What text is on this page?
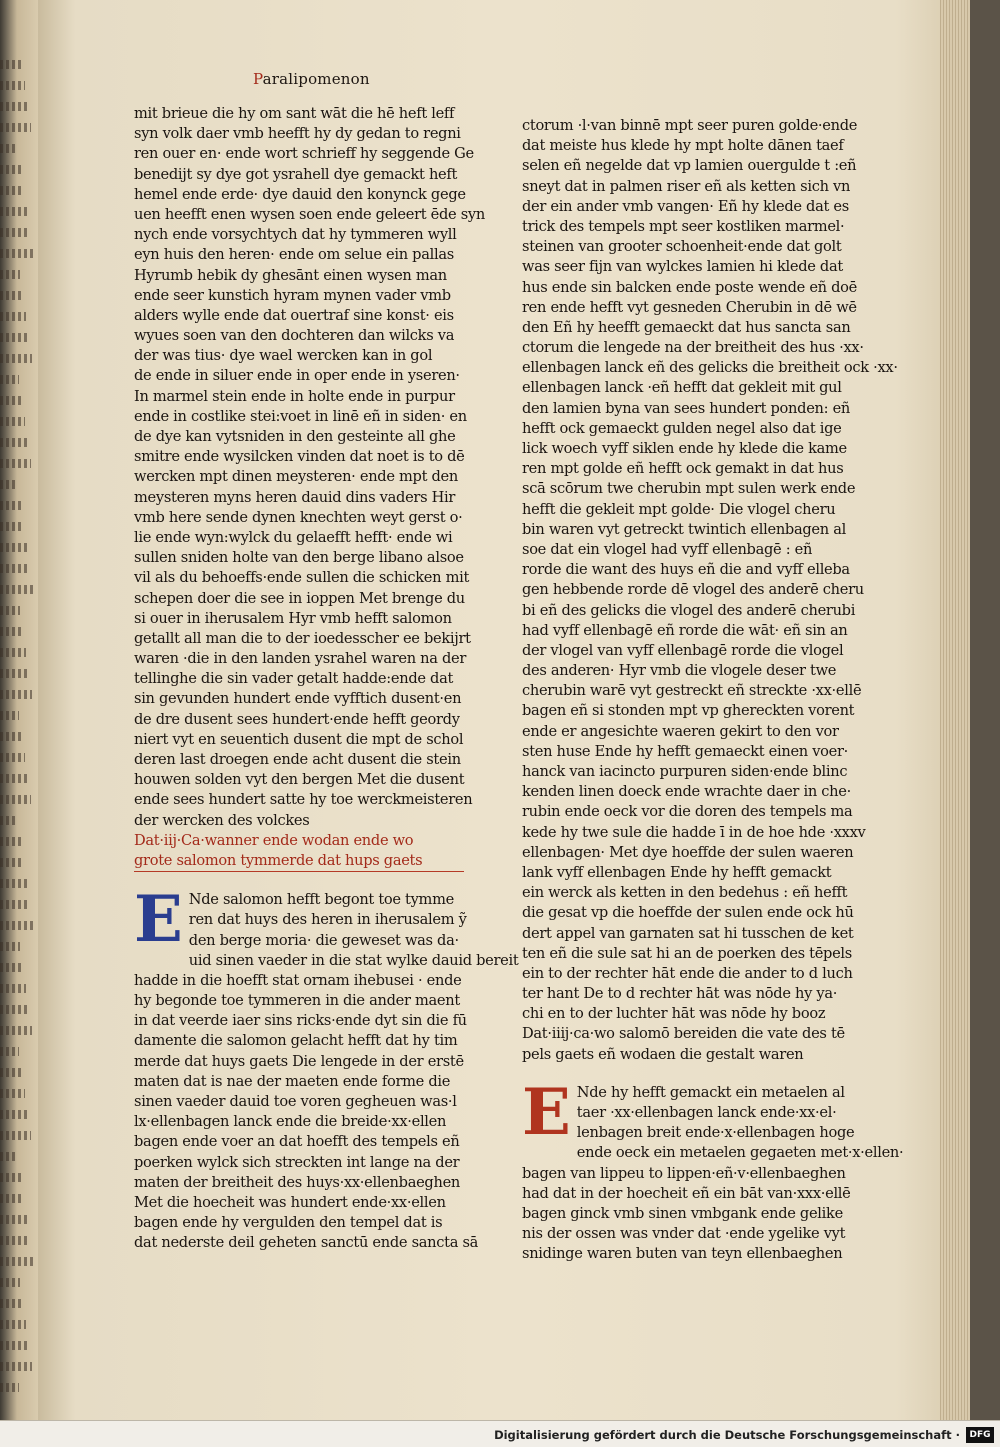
Paralipomenon
mit brieue die hy om sant wāt die hē heft leff
syn volk daer vmb heefft hy dy gedan to regni
ren ouer en· ende wort schrieff hy seggende Ge
benedijt sy dye got ysrahell dye gemackt heft
hemel ende erde· dye dauid den konynck gege
uen heefft enen wysen soen ende geleert ēde syn
nych ende vorsychtych dat hy tymmeren wyll
eyn huis den heren· ende om selue ein pallas
Hyrumb hebik dy ghesānt einen wysen man
ende seer kunstich hyram mynen vader vmb
alders wylle ende dat ouertraf sine konst· eis
wyues soen van den dochteren dan wilcks va
der was tius· dye wael wercken kan in gol
de ende in siluer ende in oper ende in yseren·
In marmel stein ende in holte ende in purpur
ende in costlike stei:voet in linē eñ in siden· en
de dye kan vytsniden in den gesteinte all ghe
smitre ende wysilcken vinden dat noet is to dē
wercken mpt dinen meysteren· ende mpt den
meysteren myns heren dauid dins vaders Hir
vmb here sende dynen knechten weyt gerst o·
lie ende wyn:wylck du gelaefft hefft· ende wi
sullen sniden holte van den berge libano alsoe
vil als du behoeffs·ende sullen die schicken mit
schepen doer die see in ioppen Met brenge du
si ouer in iherusalem Hyr vmb hefft salomon
getallt all man die to der ioedesscher ee bekijrt
waren ·die in den landen ysrahel waren na der
tellinghe die sin vader getalt hadde:ende dat
sin gevunden hundert ende vyfftich dusent·en
de dre dusent sees hundert·ende hefft geordy
niert vyt en seuentich dusent die mpt de schol
deren last droegen ende acht dusent die stein
houwen solden vyt den bergen Met die dusent
ende sees hundert satte hy toe werckmeisteren
der wercken des volckes
Dat·iij·Ca·wanner ende wodan ende wo
grote salomon tymmerde dat hups gaets
E Nde salomon hefft begont toe tymme
ren dat huys des heren in iherusalem ỹ
den berge moria· die geweset was da·
uid sinen vaeder in die stat wylke dauid bereit
hadde in die hoefft stat ornam ihebusei · ende
hy begonde toe tymmeren in die ander maent
in dat veerde iaer sins ricks·ende dyt sin die fū
damente die salomon gelacht hefft dat hy tim
merde dat huys gaets Die lengede in der erstē
maten dat is nae der maeten ende forme die
sinen vaeder dauid toe voren gegheuen was·l
lx·ellenbagen lanck ende die breide·xx·ellen
bagen ende voer an dat hoefft des tempels eñ
poerken wylck sich streckten int lange na der
maten der breitheit des huys·xx·ellenbaeghen
Met die hoecheit was hundert ende·xx·ellen
bagen ende hy vergulden den tempel dat is
dat nederste deil geheten sanctū ende sancta sā
ctorum ·l·van binnē mpt seer puren golde·ende
dat meiste hus klede hy mpt holte dānen taef
selen eñ negelde dat vp lamien ouergulde t :eñ
sneyt dat in palmen riser eñ als ketten sich vn
der ein ander vmb vangen· Eñ hy klede dat es
trick des tempels mpt seer kostliken marmel·
steinen van grooter schoenheit·ende dat golt
was seer fijn van wylckes lamien hi klede dat
hus ende sin balcken ende poste wende eñ doē
ren ende hefft vyt gesneden Cherubin in dē wē
den Eñ hy heefft gemaeckt dat hus sancta san
ctorum die lengede na der breitheit des hus ·xx·
ellenbagen lanck eñ des gelicks die breitheit ock ·xx·
ellenbagen lanck ·eñ hefft dat gekleit mit gul
den lamien byna van sees hundert ponden: eñ
hefft ock gemaeckt gulden negel also dat ige
lick woech vyff siklen ende hy klede die kame
ren mpt golde eñ hefft ock gemakt in dat hus
scā scōrum twe cherubin mpt sulen werk ende
hefft die gekleit mpt golde· Die vlogel cheru
bin waren vyt getreckt twintich ellenbagen al
soe dat ein vlogel had vyff ellenbagē : eñ
rorde die want des huys eñ die and vyff elleba
gen hebbende rorde dē vlogel des anderē cheru
bi eñ des gelicks die vlogel des anderē cherubi
had vyff ellenbagē eñ rorde die wāt· eñ sin an
der vlogel van vyff ellenbagē rorde die vlogel
des anderen· Hyr vmb die vlogele deser twe
cherubin warē vyt gestreckt eñ streckte ·xx·ellē
bagen eñ si stonden mpt vp ghereckten vorent
ende er angesichte waeren gekirt to den vor
sten huse Ende hy hefft gemaeckt einen voer·
hanck van iacincto purpuren siden·ende blinc
kenden linen doeck ende wrachte daer in che·
rubin ende oeck vor die doren des tempels ma
kede hy twe sule die hadde ī in de hoe hde ·xxxv
ellenbagen· Met dye hoeffde der sulen waeren
lank vyff ellenbagen Ende hy hefft gemackt
ein werck als ketten in den bedehus : eñ hefft
die gesat vp die hoeffde der sulen ende ock hū
dert appel van garnaten sat hi tusschen de ket
ten eñ die sule sat hi an de poerken des tēpels
ein to der rechter hāt ende die ander to d luch
ter hant De to d rechter hāt was nōde hy ya·
chi en to der luchter hāt was nōde hy booz
Dat·iiij·ca·wo salomō bereiden die vate des tē
pels gaets eñ wodaen die gestalt waren
E Nde hy hefft gemackt ein metaelen al
taer ·xx·ellenbagen lanck ende·xx·el·
lenbagen breit ende·x·ellenbagen hoge
ende oeck ein metaelen gegaeten met·x·ellen·
bagen van lippeu to lippen·eñ·v·ellenbaeghen
had dat in der hoecheit eñ ein bāt van·xxx·ellē
bagen ginck vmb sinen vmbgank ende gelike
nis der ossen was vnder dat ·ende ygelike vyt
snidinge waren buten van teyn ellenbaeghen
Digitalisierung gefördert durch die Deutsche Forschungsgemeinschaft ·	DFG
